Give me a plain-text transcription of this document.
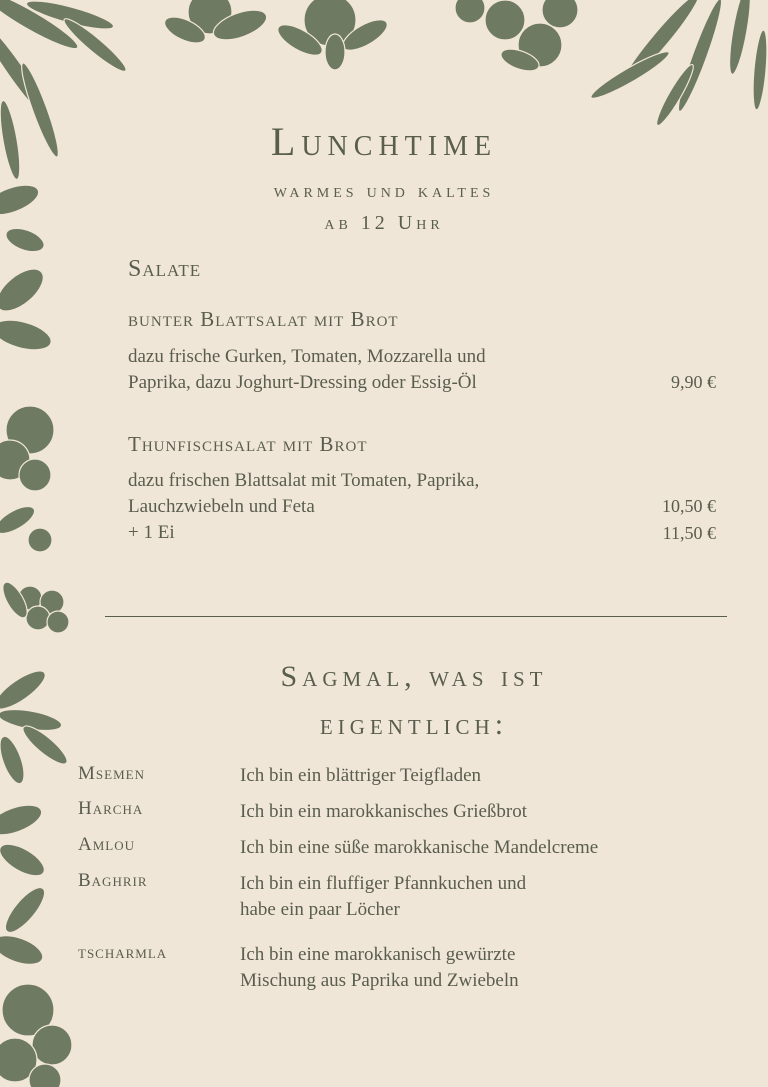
Lunchtime
warmes und kaltes
ab 12 Uhr
Salate
bunter Blattsalat mit Brot
dazu frische Gurken, Tomaten, Mozzarella und
Paprika, dazu Joghurt-Dressing oder Essig-Öl	9,90 €
Thunfischsalat mit Brot
dazu frischen Blattsalat mit Tomaten, Paprika,
Lauchzwiebeln und Feta	10,50 €
+ 1 Ei	11,50 €
Sagmal, was ist
eigentlich:
Msemen	Ich bin ein blättriger Teigfladen
Harcha	Ich bin ein marokkanisches Grießbrot
Amlou	Ich bin eine süße marokkanische Mandelcreme
Baghrir	Ich bin ein fluffiger Pfannkuchen und
habe ein paar Löcher
tscharmla	Ich bin eine marokkanisch gewürzte
Mischung aus Paprika und Zwiebeln
